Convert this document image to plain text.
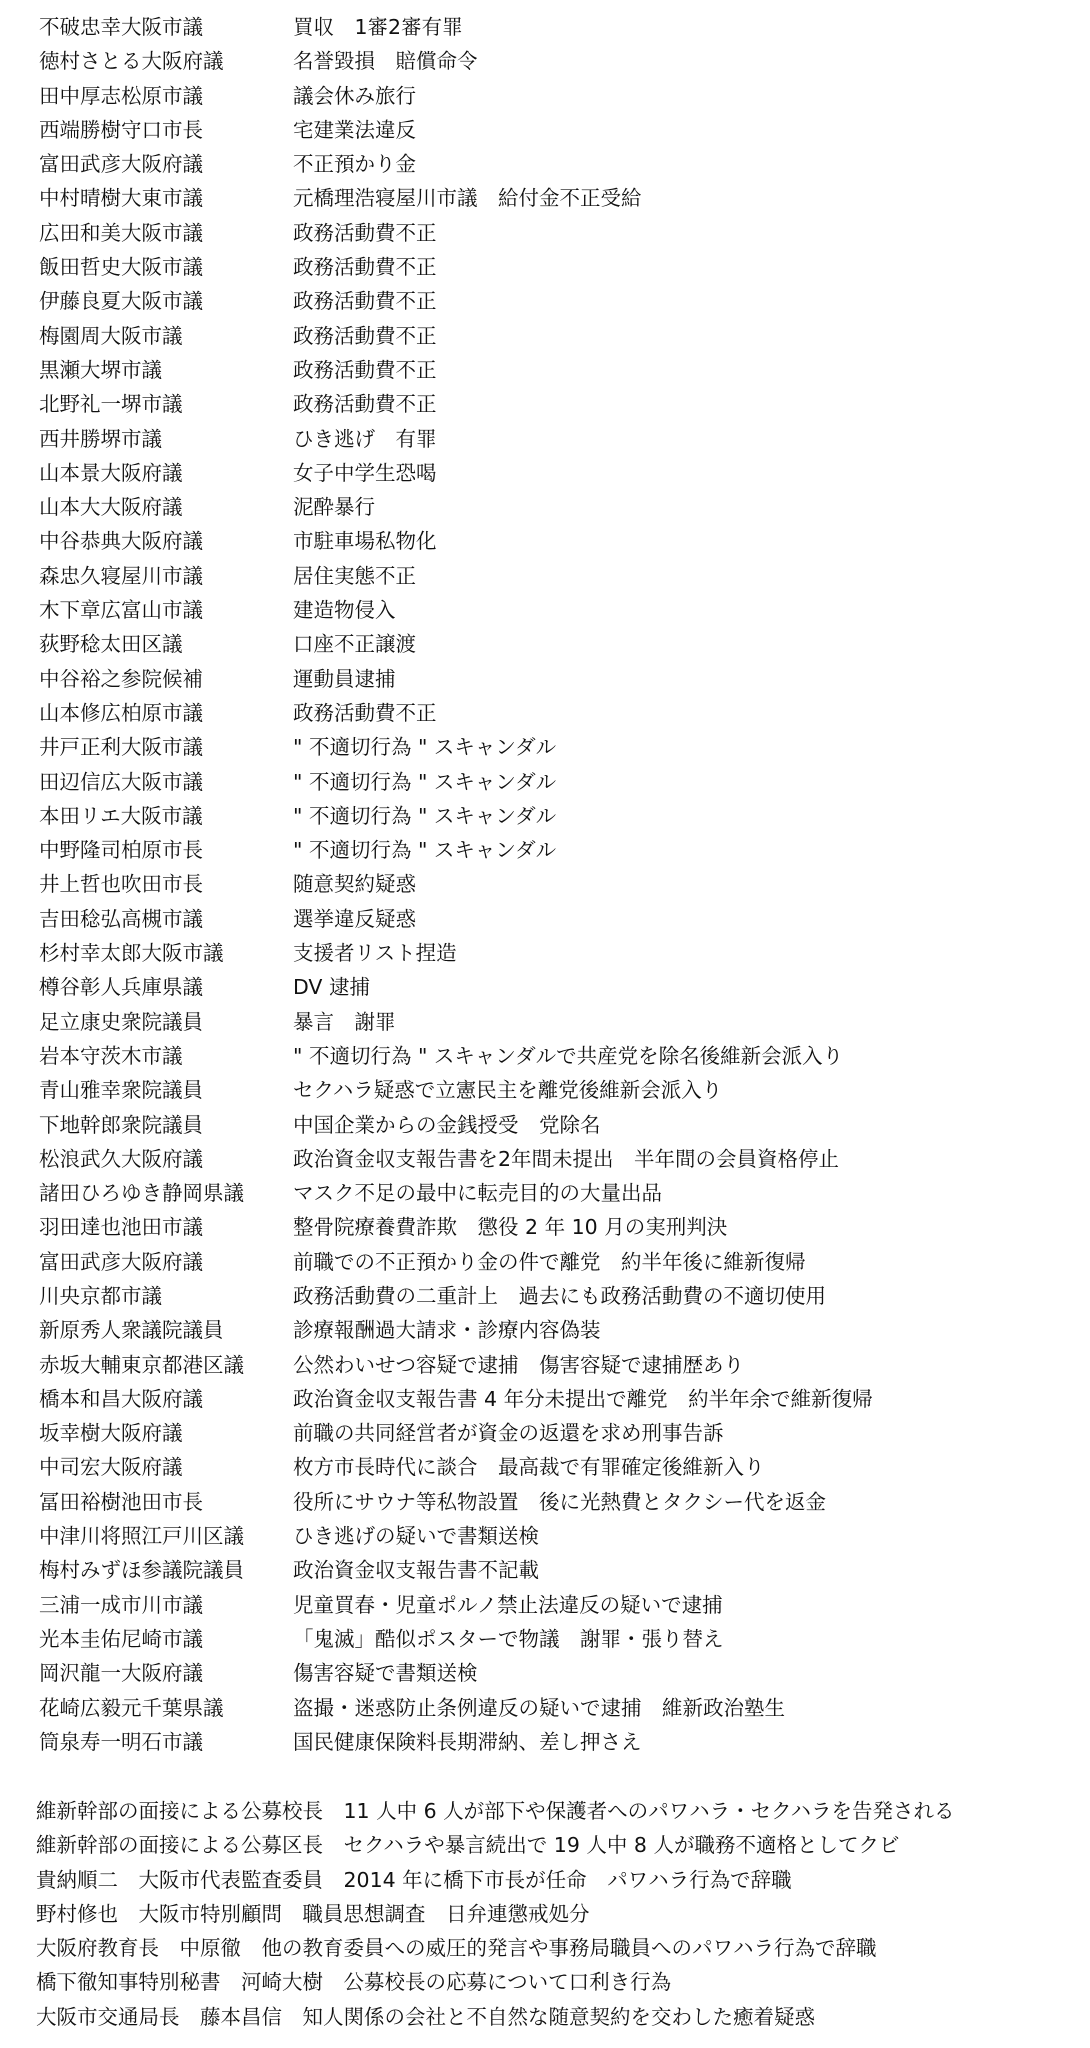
不破忠幸大阪市議	買収　1審2審有罪
徳村さとる大阪府議	名誉毀損　賠償命令
田中厚志松原市議	議会休み旅行
西端勝樹守口市長	宅建業法違反
富田武彦大阪府議	不正預かり金
中村晴樹大東市議	元橋理浩寝屋川市議　給付金不正受給
広田和美大阪市議	政務活動費不正
飯田哲史大阪市議	政務活動費不正
伊藤良夏大阪市議	政務活動費不正
梅園周大阪市議	政務活動費不正
黒瀬大堺市議	政務活動費不正
北野礼一堺市議	政務活動費不正
西井勝堺市議	ひき逃げ　有罪
山本景大阪府議	女子中学生恐喝
山本大大阪府議	泥酔暴行
中谷恭典大阪府議	市駐車場私物化
森忠久寝屋川市議	居住実態不正
木下章広富山市議	建造物侵入
荻野稔太田区議	口座不正譲渡
中谷裕之参院候補	運動員逮捕
山本修広柏原市議	政務活動費不正
井戸正利大阪市議	" 不適切行為 " スキャンダル
田辺信広大阪市議	" 不適切行為 " スキャンダル
本田リエ大阪市議	" 不適切行為 " スキャンダル
中野隆司柏原市長	" 不適切行為 " スキャンダル
井上哲也吹田市長	随意契約疑惑
吉田稔弘高槻市議	選挙違反疑惑
杉村幸太郎大阪市議	支援者リスト捏造
樽谷彰人兵庫県議	DV 逮捕
足立康史衆院議員	暴言　謝罪
岩本守茨木市議	" 不適切行為 " スキャンダルで共産党を除名後維新会派入り
青山雅幸衆院議員	セクハラ疑惑で立憲民主を離党後維新会派入り
下地幹郎衆院議員	中国企業からの金銭授受　党除名
松浪武久大阪府議	政治資金収支報告書を2年間未提出　半年間の会員資格停止
諸田ひろゆき静岡県議	マスク不足の最中に転売目的の大量出品
羽田達也池田市議	整骨院療養費詐欺　懲役 2 年 10 月の実刑判決
富田武彦大阪府議	前職での不正預かり金の件で離党　約半年後に維新復帰
川央京都市議	政務活動費の二重計上　過去にも政務活動費の不適切使用
新原秀人衆議院議員	診療報酬過大請求・診療内容偽装
赤坂大輔東京都港区議	公然わいせつ容疑で逮捕　傷害容疑で逮捕歴あり
橋本和昌大阪府議	政治資金収支報告書 4 年分未提出で離党　約半年余で維新復帰
坂幸樹大阪府議	前職の共同経営者が資金の返還を求め刑事告訴
中司宏大阪府議	枚方市長時代に談合　最高裁で有罪確定後維新入り
冨田裕樹池田市長	役所にサウナ等私物設置　後に光熱費とタクシー代を返金
中津川将照江戸川区議	ひき逃げの疑いで書類送検
梅村みずほ参議院議員	政治資金収支報告書不記載
三浦一成市川市議	児童買春・児童ポルノ禁止法違反の疑いで逮捕
光本圭佑尼崎市議	「鬼滅」酷似ポスターで物議　謝罪・張り替え
岡沢龍一大阪府議	傷害容疑で書類送検
花崎広毅元千葉県議	盗撮・迷惑防止条例違反の疑いで逮捕　維新政治塾生
筒泉寿一明石市議	国民健康保険料長期滞納、差し押さえ
維新幹部の面接による公募校長　11 人中 6 人が部下や保護者へのパワハラ・セクハラを告発される
維新幹部の面接による公募区長　セクハラや暴言続出で 19 人中 8 人が職務不適格としてクビ
貴納順二　大阪市代表監査委員　2014 年に橋下市長が任命　パワハラ行為で辞職
野村修也　大阪市特別顧問　職員思想調査　日弁連懲戒処分
大阪府教育長　中原徹　他の教育委員への威圧的発言や事務局職員へのパワハラ行為で辞職
橋下徹知事特別秘書　河崎大樹　公募校長の応募について口利き行為
大阪市交通局長　藤本昌信　知人関係の会社と不自然な随意契約を交わした癒着疑惑
